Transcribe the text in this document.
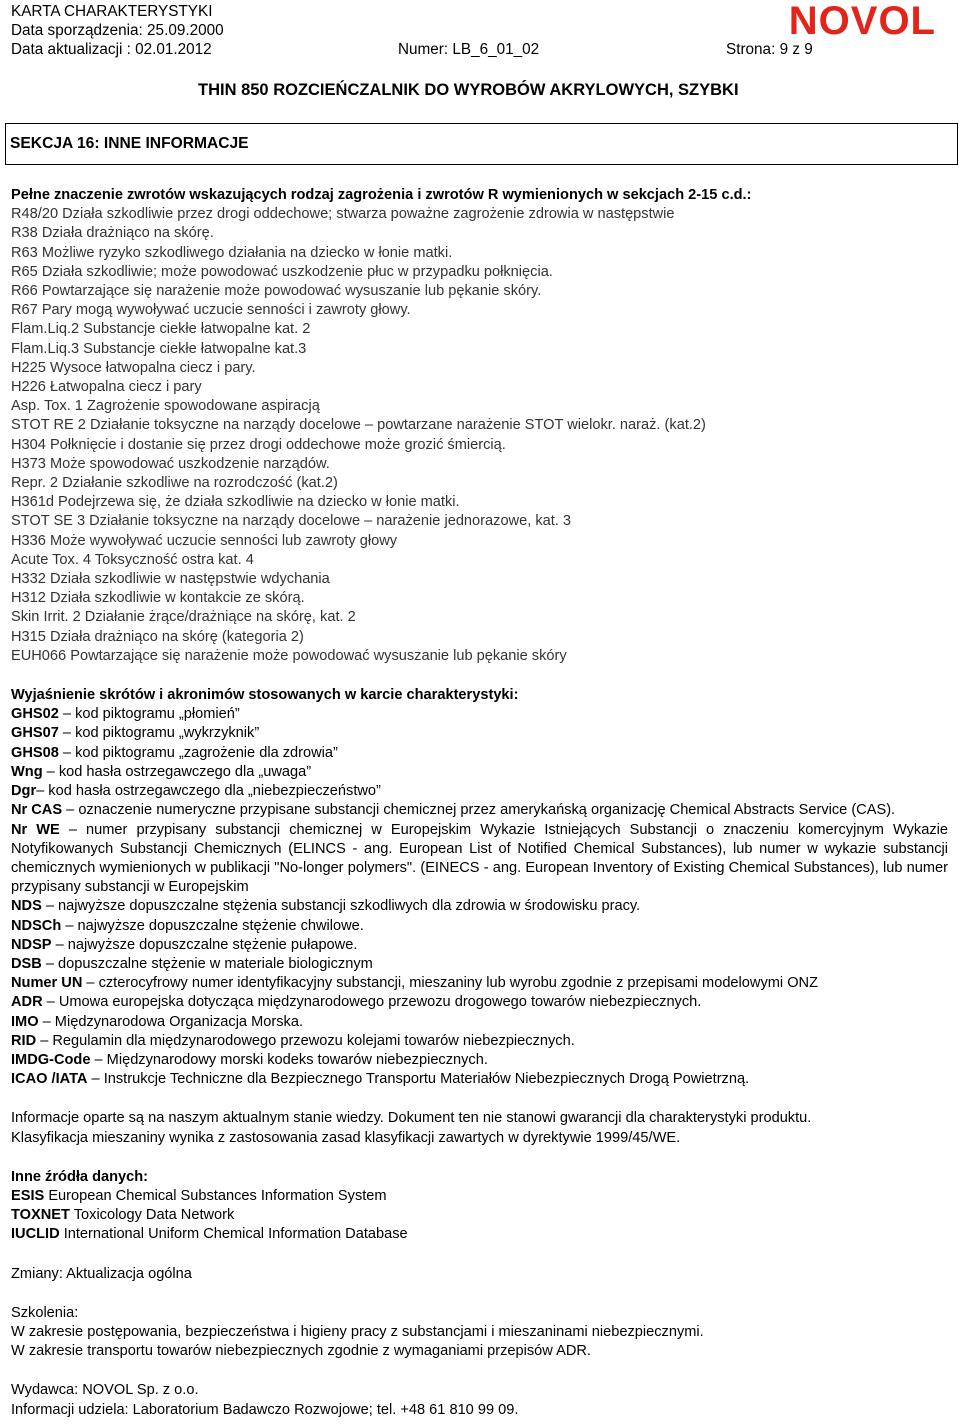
KARTA CHARAKTERYSTYKI
Data sporządzenia: 25.09.2000
Data aktualizacji : 02.01.2012	Numer: LB_6_01_02	Strona: 9 z 9
NOVOL
THIN 850 ROZCIEŃCZALNIK DO WYROBÓW AKRYLOWYCH, SZYBKI
SEKCJA 16: INNE INFORMACJE
Pełne znaczenie zwrotów wskazujących rodzaj zagrożenia i zwrotów R wymienionych w sekcjach 2-15 c.d.:
R48/20 Działa szkodliwie przez drogi oddechowe; stwarza poważne zagrożenie zdrowia w następstwie
R38 Działa drażniąco na skórę.
R63 Możliwe ryzyko szkodliwego działania na dziecko w łonie matki.
R65 Działa szkodliwie; może powodować uszkodzenie płuc w przypadku połknięcia.
R66 Powtarzające się narażenie może powodować wysuszanie lub pękanie skóry.
R67 Pary mogą wywoływać uczucie senności i zawroty głowy.
Flam.Liq.2 Substancje ciekłe łatwopalne kat. 2
Flam.Liq.3 Substancje ciekłe łatwopalne kat.3
H225 Wysoce łatwopalna ciecz i pary.
H226 Łatwopalna ciecz i pary
Asp. Tox. 1 Zagrożenie spowodowane aspiracją
STOT RE 2 Działanie toksyczne na narządy docelowe – powtarzane narażenie STOT wielokr. naraż. (kat.2)
H304 Połknięcie i dostanie się przez drogi oddechowe może grozić śmiercią.
H373 Może spowodować uszkodzenie narządów.
Repr. 2 Działanie szkodliwe na rozrodczość (kat.2)
H361d Podejrzewa się, że działa szkodliwie na dziecko w łonie matki.
STOT SE 3 Działanie toksyczne na narządy docelowe – narażenie jednorazowe, kat. 3
H336 Może wywoływać uczucie senności lub zawroty głowy
Acute Tox. 4 Toksyczność ostra kat. 4
H332 Działa szkodliwie w następstwie wdychania
H312 Działa szkodliwie w kontakcie ze skórą.
Skin Irrit. 2 Działanie żrące/drażniące na skórę, kat. 2
H315 Działa drażniąco na skórę (kategoria 2)
EUH066 Powtarzające się narażenie może powodować wysuszanie lub pękanie skóry
Wyjaśnienie skrótów i akronimów stosowanych w karcie charakterystyki:
GHS02 – kod piktogramu „płomień”
GHS07 – kod piktogramu „wykrzyknik”
GHS08 – kod piktogramu „zagrożenie dla zdrowia”
Wng – kod hasła ostrzegawczego dla „uwaga”
Dgr– kod hasła ostrzegawczego dla „niebezpieczeństwo”
Nr CAS – oznaczenie numeryczne przypisane substancji chemicznej przez amerykańską organizację Chemical Abstracts Service (CAS).
Nr WE – numer przypisany substancji chemicznej w Europejskim Wykazie Istniejących Substancji o znaczeniu komercyjnym Wykazie Notyfikowanych Substancji Chemicznych (ELINCS - ang. European List of Notified Chemical Substances), lub numer w wykazie substancji chemicznych wymienionych w publikacji "No-longer polymers". (EINECS - ang. European Inventory of Existing Chemical Substances), lub numer przypisany substancji w Europejskim
NDS – najwyższe dopuszczalne stężenia substancji szkodliwych dla zdrowia w środowisku pracy.
NDSCh – najwyższe dopuszczalne stężenie chwilowe.
NDSP – najwyższe dopuszczalne stężenie pułapowe.
DSB – dopuszczalne stężenie w materiale biologicznym
Numer UN – czterocyfrowy numer identyfikacyjny substancji, mieszaniny lub wyrobu zgodnie z przepisami modelowymi ONZ
ADR – Umowa europejska dotycząca międzynarodowego przewozu drogowego towarów niebezpiecznych.
IMO – Międzynarodowa Organizacja Morska.
RID – Regulamin dla międzynarodowego przewozu kolejami towarów niebezpiecznych.
IMDG-Code – Międzynarodowy morski kodeks towarów niebezpiecznych.
ICAO /IATA – Instrukcje Techniczne dla Bezpiecznego Transportu Materiałów Niebezpiecznych Drogą Powietrzną.
Informacje oparte są na naszym aktualnym stanie wiedzy. Dokument ten nie stanowi gwarancji dla charakterystyki produktu.
Klasyfikacja mieszaniny wynika z zastosowania zasad klasyfikacji zawartych w dyrektywie 1999/45/WE.
Inne źródła danych:
ESIS European Chemical Substances Information System
TOXNET Toxicology Data Network
IUCLID International Uniform Chemical Information Database
Zmiany: Aktualizacja ogólna
Szkolenia:
W zakresie postępowania, bezpieczeństwa i higieny pracy z substancjami i mieszaninami niebezpiecznymi.
W zakresie transportu towarów niebezpiecznych zgodnie z wymaganiami przepisów ADR.
Wydawca: NOVOL Sp. z o.o.
Informacji udziela: Laboratorium Badawczo Rozwojowe; tel. +48 61 810 99 09.
